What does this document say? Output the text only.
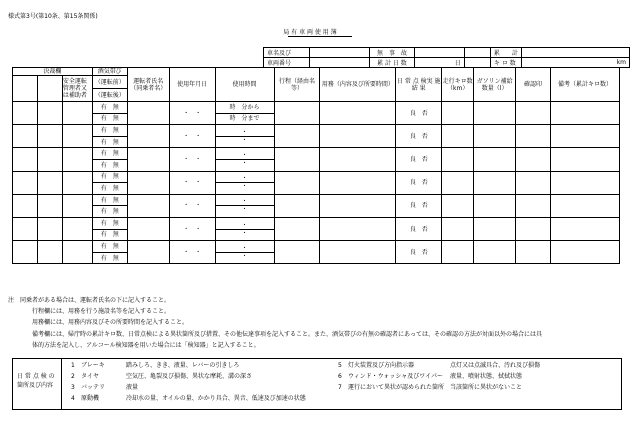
様式第3号(第10条、第15条関係)
局 有 車 両 使 用 簿
車名及び		無　事　故			累　　計	
車両番号		累 計 日 数	日		キ ロ 数	km
決裁欄			酒気帯び	運転者氏名（同乗者名）	使用年月日	使用時間	行程（経由名等）	用務（内容及び所要時間）	日 常 点 検実 施 結 果	走行キロ数（km）	ガソリン補給数量（l）	確認印	備考（累計キロ数）
		安全運転管理者又は補助者	（運転前）										
			（運転後）										
			有　無		・　・	時　分から			良　否				
			有　無			時　分まで							
			有　無		・　・	・			良　否				
			有　無			・							
			有　無		・　・	・			良　否				
			有　無			・							
			有　無		・　・	・			良　否				
			有　無			・							
			有　無		・　・	・			良　否				
			有　無			・							
			有　無		・　・	・			良　否				
			有　無			・							
			有　無		・　・	・			良　否				
			有　無			・							
注　同乗者がある場合は、運転者氏名の下に記入すること。
行程欄には、用務を行う施設名等を記入すること。
用務欄には、用務内容及びその所要時間を記入すること。
備考欄には、帰庁時の累計キロ数、日常点検による異状箇所及び措置、その他伝達事項を記入すること。また、酒気帯びの有無の確認者にあっては、その確認の方法が対面以外の場合には具
体的方法を記入し、アルコール検知器を用いた場合には「検知器」と記入すること。
日 常 点 検 の
箇所及び内容
1 ブレーキ	踏みしろ、きき、液量、レバーの引きしろ
2 タイヤ	空気圧、亀裂及び損傷、異状な摩耗、溝の深さ
3 バッテリ	液量
4 原動機	冷却水の量、オイルの量、かかり具合、異音、低速及び加速の状態
5 灯火装置及び方向指示器	点灯又は点滅具合、汚れ及び損傷
6 ウィンド・ウォッシャ及びワイパー 液量、噴射状態、拭拭状態
7 運行において異状が認められた箇所 当該箇所に異状がないこと
